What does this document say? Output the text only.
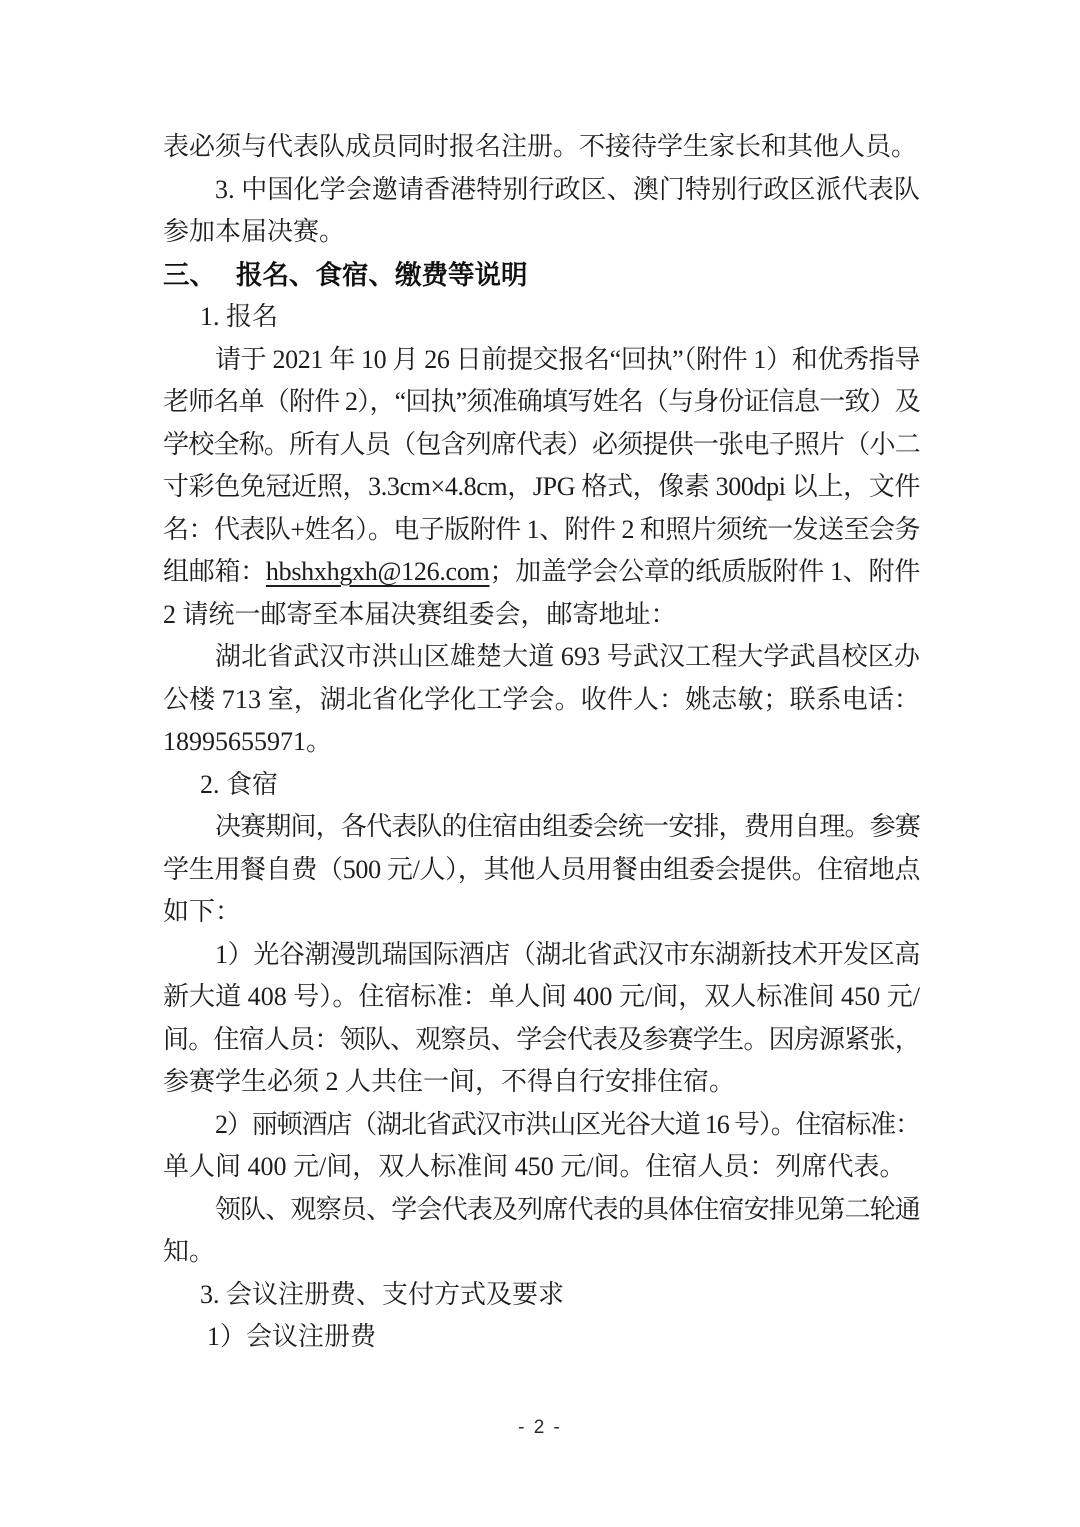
表必须与代表队成员同时报名注册。不接待学生家长和其他人员。
3. 中国化学会邀请香港特别行政区、澳门特别行政区派代表队
参加本届决赛。
三、 报名、食宿、缴费等说明
1. 报名
请于 2021 年 10 月 26 日前提交报名“回执”（附件 1）和优秀指导
老师名单（附件 2），“回执”须准确填写姓名（与身份证信息一致）及
学校全称。所有人员（包含列席代表）必须提供一张电子照片（小二
寸彩色免冠近照，3.3cm×4.8cm，JPG 格式，像素 300dpi 以上，文件
名：代表队+姓名）。电子版附件 1、附件 2 和照片须统一发送至会务
组邮箱：hbshxhgxh@126.com；加盖学会公章的纸质版附件 1、附件
2 请统一邮寄至本届决赛组委会，邮寄地址：
湖北省武汉市洪山区雄楚大道 693 号武汉工程大学武昌校区办
公楼 713 室，湖北省化学化工学会。收件人：姚志敏；联系电话：
18995655971。
2. 食宿
决赛期间，各代表队的住宿由组委会统一安排，费用自理。参赛
学生用餐自费（500 元/人），其他人员用餐由组委会提供。住宿地点
如下：
1）光谷潮漫凯瑞国际酒店（湖北省武汉市东湖新技术开发区高
新大道 408 号）。住宿标准：单人间 400 元/间，双人标准间 450 元/
间。住宿人员：领队、观察员、学会代表及参赛学生。因房源紧张，
参赛学生必须 2 人共住一间，不得自行安排住宿。
2）丽顿酒店（湖北省武汉市洪山区光谷大道 16 号）。住宿标准：
单人间 400 元/间，双人标准间 450 元/间。住宿人员：列席代表。
领队、观察员、学会代表及列席代表的具体住宿安排见第二轮通
知。
3. 会议注册费、支付方式及要求
1）会议注册费
- 2 -
